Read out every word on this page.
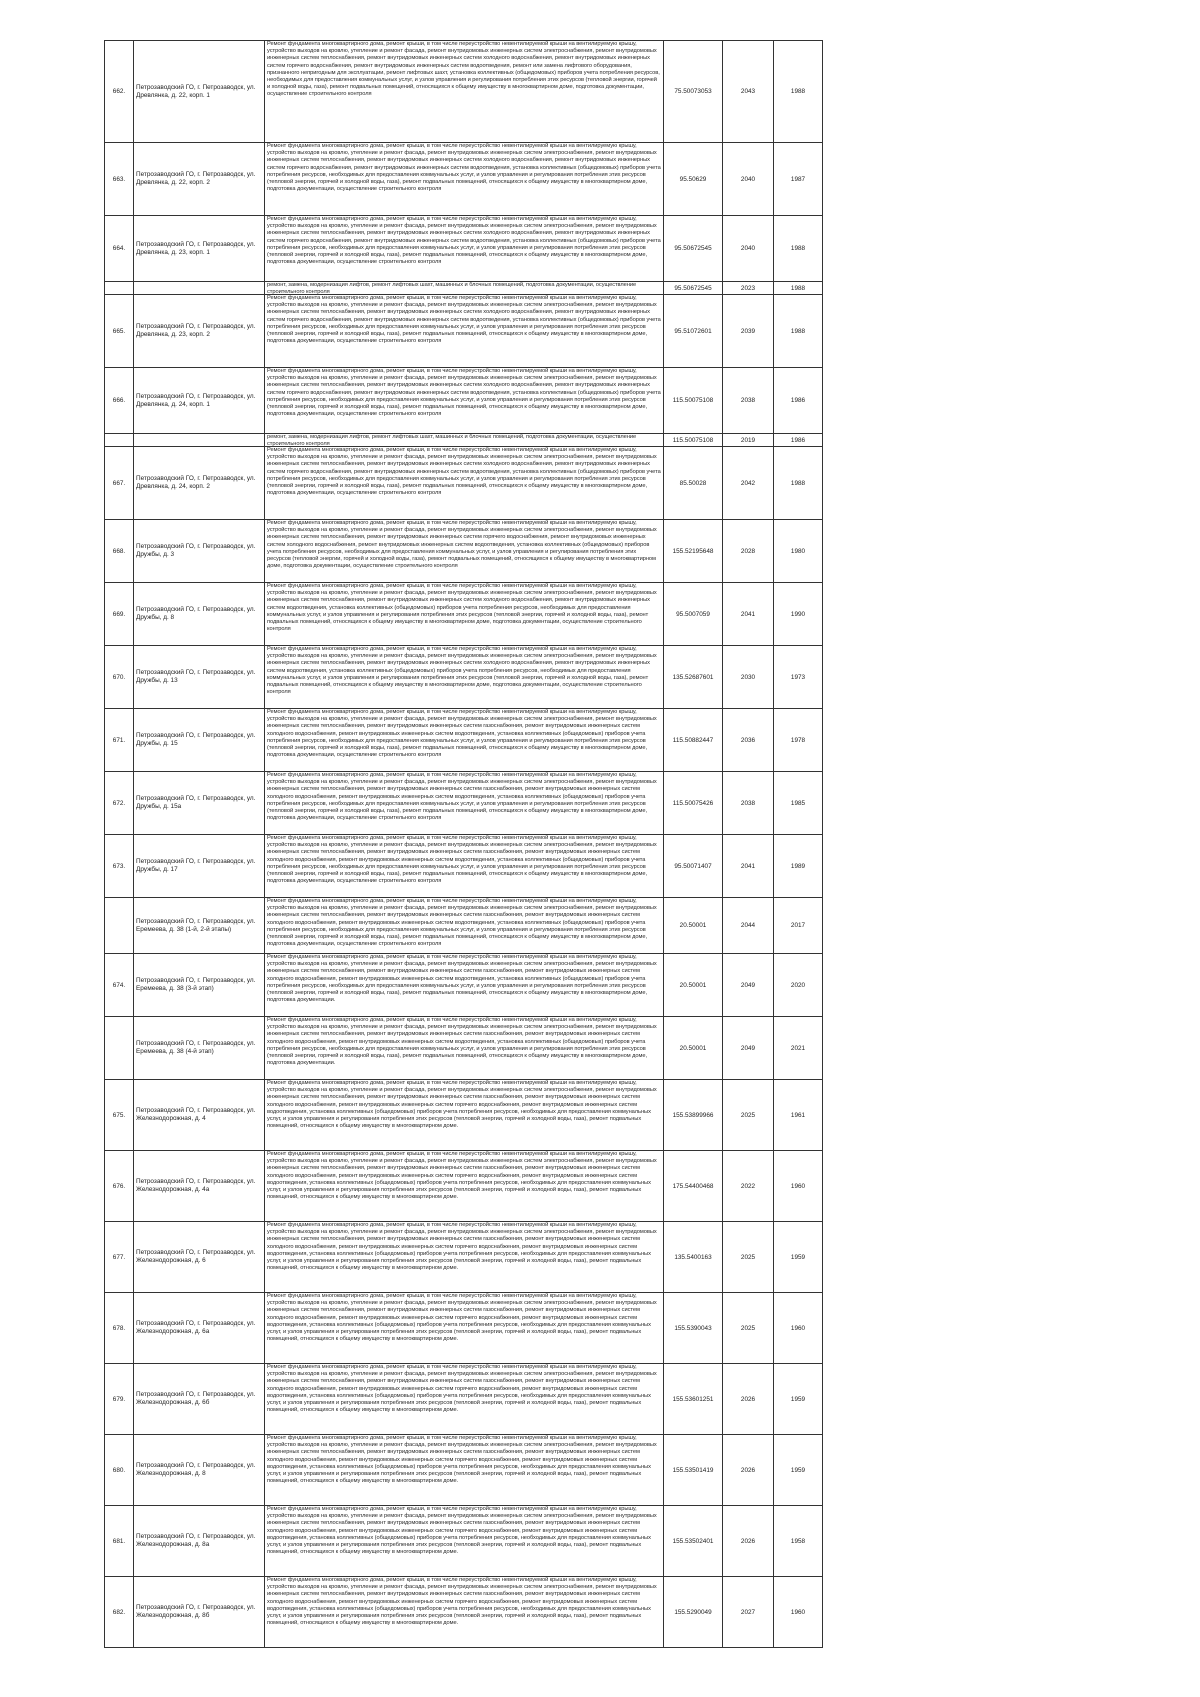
662.	Петрозаводский ГО, г. Петрозаводск, ул. Древлянка, д. 22, корп. 1	Ремонт фундамента многоквартирного дома, ремонт крыши, в том числе переустройство невентилируемой крыши на вентилируемую крышу, устройство выходов на кровлю, утепление и ремонт фасада, ремонт внутридомовых инженерных систем электроснабжения, ремонт внутридомовых инженерных систем теплоснабжения, ремонт внутридомовых инженерных систем холодного водоснабжения, ремонт внутридомовых инженерных систем горячего водоснабжения, ремонт внутридомовых инженерных систем водоотведения, ремонт или замена лифтового оборудования, признанного непригодным для эксплуатации, ремонт лифтовых шахт, установка коллективных (общедомовых) приборов учета потребления ресурсов, необходимых для предоставления коммунальных услуг, и узлов управления и регулирования потребления этих ресурсов (тепловой энергии, горячей и холодной воды, газа), ремонт подвальных помещений, относящихся к общему имуществу в многоквартирном доме, подготовка документации, осуществление строительного контроля	75.50073053	2043	1988
663.	Петрозаводский ГО, г. Петрозаводск, ул. Древлянка, д. 22, корп. 2	Ремонт фундамента многоквартирного дома, ремонт крыши, в том числе переустройство невентилируемой крыши на вентилируемую крышу, устройство выходов на кровлю, утепление и ремонт фасада, ремонт внутридомовых инженерных систем электроснабжения, ремонт внутридомовых инженерных систем теплоснабжения, ремонт внутридомовых инженерных систем холодного водоснабжения, ремонт внутридомовых инженерных систем горячего водоснабжения, ремонт внутридомовых инженерных систем водоотведения, установка коллективных (общедомовых) приборов учета потребления ресурсов, необходимых для предоставления коммунальных услуг, и узлов управления и регулирования потребления этих ресурсов (тепловой энергии, горячей и холодной воды, газа), ремонт подвальных помещений, относящихся к общему имуществу в многоквартирном доме, подготовка документации, осуществление строительного контроля	95.50629	2040	1987
664.	Петрозаводский ГО, г. Петрозаводск, ул. Древлянка, д. 23, корп. 1	Ремонт фундамента многоквартирного дома, ремонт крыши, в том числе переустройство невентилируемой крыши на вентилируемую крышу, устройство выходов на кровлю, утепление и ремонт фасада, ремонт внутридомовых инженерных систем электроснабжения, ремонт внутридомовых инженерных систем теплоснабжения, ремонт внутридомовых инженерных систем холодного водоснабжения, ремонт внутридомовых инженерных систем горячего водоснабжения, ремонт внутридомовых инженерных систем водоотведения, установка коллективных (общедомовых) приборов учета потребления ресурсов, необходимых для предоставления коммунальных услуг, и узлов управления и регулирования потребления этих ресурсов (тепловой энергии, горячей и холодной воды, газа), ремонт подвальных помещений, относящихся к общему имуществу в многоквартирном доме, подготовка документации, осуществление строительного контроля	95.50672545	2040	1988

		ремонт, замена, модернизация лифтов, ремонт лифтовых шахт, машинных и блочных помещений, подготовка документации, осуществление строительного контроля	95.50672545	2023	1988
665.	Петрозаводский ГО, г. Петрозаводск, ул. Древлянка, д. 23, корп. 2	Ремонт фундамента многоквартирного дома, ремонт крыши, в том числе переустройство невентилируемой крыши на вентилируемую крышу, устройство выходов на кровлю, утепление и ремонт фасада, ремонт внутридомовых инженерных систем электроснабжения, ремонт внутридомовых инженерных систем теплоснабжения, ремонт внутридомовых инженерных систем холодного водоснабжения, ремонт внутридомовых инженерных систем горячего водоснабжения, ремонт внутридомовых инженерных систем водоотведения, установка коллективных (общедомовых) приборов учета потребления ресурсов, необходимых для предоставления коммунальных услуг, и узлов управления и регулирования потребления этих ресурсов (тепловой энергии, горячей и холодной воды, газа), ремонт подвальных помещений, относящихся к общему имуществу в многоквартирном доме, подготовка документации, осуществление строительного контроля	95.51072601	2039	1988
666.	Петрозаводский ГО, г. Петрозаводск, ул. Древлянка, д. 24, корп. 1	Ремонт фундамента многоквартирного дома, ремонт крыши, в том числе переустройство невентилируемой крыши на вентилируемую крышу, устройство выходов на кровлю, утепление и ремонт фасада, ремонт внутридомовых инженерных систем электроснабжения, ремонт внутридомовых инженерных систем теплоснабжения, ремонт внутридомовых инженерных систем холодного водоснабжения, ремонт внутридомовых инженерных систем горячего водоснабжения, ремонт внутридомовых инженерных систем водоотведения, установка коллективных (общедомовых) приборов учета потребления ресурсов, необходимых для предоставления коммунальных услуг, и узлов управления и регулирования потребления этих ресурсов (тепловой энергии, горячей и холодной воды, газа), ремонт подвальных помещений, относящихся к общему имуществу в многоквартирном доме, подготовка документации, осуществление строительного контроля	115.50075108	2038	1986

		ремонт, замена, модернизация лифтов, ремонт лифтовых шахт, машинных и блочных помещений, подготовка документации, осуществление строительного контроля	115.50075108	2019	1986
667.	Петрозаводский ГО, г. Петрозаводск, ул. Древлянка, д. 24, корп. 2	Ремонт фундамента многоквартирного дома, ремонт крыши, в том числе переустройство невентилируемой крыши на вентилируемую крышу, устройство выходов на кровлю, утепление и ремонт фасада, ремонт внутридомовых инженерных систем электроснабжения, ремонт внутридомовых инженерных систем теплоснабжения, ремонт внутридомовых инженерных систем холодного водоснабжения, ремонт внутридомовых инженерных систем горячего водоснабжения, ремонт внутридомовых инженерных систем водоотведения, установка коллективных (общедомовых) приборов учета потребления ресурсов, необходимых для предоставления коммунальных услуг, и узлов управления и регулирования потребления этих ресурсов (тепловой энергии, горячей и холодной воды, газа), ремонт подвальных помещений, относящихся к общему имуществу в многоквартирном доме, подготовка документации, осуществление строительного контроля	85.50028	2042	1988
668.	Петрозаводский ГО, г. Петрозаводск, ул. Дружбы, д. 3	Ремонт фундамента многоквартирного дома, ремонт крыши, в том числе переустройство невентилируемой крыши на вентилируемую крышу, устройство выходов на кровлю, утепление и ремонт фасада, ремонт внутридомовых инженерных систем электроснабжения, ремонт внутридомовых инженерных систем теплоснабжения, ремонт внутридомовых инженерных систем горячего водоснабжения, ремонт внутридомовых инженерных систем холодного водоснабжения, ремонт внутридомовых инженерных систем водоотведения, установка коллективных (общедомовых) приборов учета потребления ресурсов, необходимых для предоставления коммунальных услуг, и узлов управления и регулирования потребления этих ресурсов (тепловой энергии, горячей и холодной воды, газа), ремонт подвальных помещений, относящихся к общему имуществу в многоквартирном доме, подготовка документации, осуществление строительного контроля	155.52195648	2028	1980
669.	Петрозаводский ГО, г. Петрозаводск, ул. Дружбы, д. 8	Ремонт фундамента многоквартирного дома, ремонт крыши, в том числе переустройство невентилируемой крыши на вентилируемую крышу, устройство выходов на кровлю, утепление и ремонт фасада, ремонт внутридомовых инженерных систем электроснабжения, ремонт внутридомовых инженерных систем теплоснабжения, ремонт внутридомовых инженерных систем холодного водоснабжения, ремонт внутридомовых инженерных систем водоотведения, установка коллективных (общедомовых) приборов учета потребления ресурсов, необходимых для предоставления коммунальных услуг, и узлов управления и регулирования потребления этих ресурсов (тепловой энергии, горячей и холодной воды, газа), ремонт подвальных помещений, относящихся к общему имуществу в многоквартирном доме, подготовка документации, осуществление строительного контроля	95.5007059	2041	1990
670.	Петрозаводский ГО, г. Петрозаводск, ул. Дружбы, д. 13	Ремонт фундамента многоквартирного дома, ремонт крыши, в том числе переустройство невентилируемой крыши на вентилируемую крышу, устройство выходов на кровлю, утепление и ремонт фасада, ремонт внутридомовых инженерных систем электроснабжения, ремонт внутридомовых инженерных систем теплоснабжения, ремонт внутридомовых инженерных систем холодного водоснабжения, ремонт внутридомовых инженерных систем водоотведения, установка коллективных (общедомовых) приборов учета потребления ресурсов, необходимых для предоставления коммунальных услуг, и узлов управления и регулирования потребления этих ресурсов (тепловой энергии, горячей и холодной воды, газа), ремонт подвальных помещений, относящихся к общему имуществу в многоквартирном доме, подготовка документации, осуществление строительного контроля	135.52687601	2030	1973
671.	Петрозаводский ГО, г. Петрозаводск, ул. Дружбы, д. 15	Ремонт фундамента многоквартирного дома, ремонт крыши, в том числе переустройство невентилируемой крыши на вентилируемую крышу, устройство выходов на кровлю, утепление и ремонт фасада, ремонт внутридомовых инженерных систем электроснабжения, ремонт внутридомовых инженерных систем теплоснабжения, ремонт внутридомовых инженерных систем газоснабжения, ремонт внутридомовых инженерных систем холодного водоснабжения, ремонт внутридомовых инженерных систем водоотведения, установка коллективных (общедомовых) приборов учета потребления ресурсов, необходимых для предоставления коммунальных услуг, и узлов управления и регулирования потребления этих ресурсов (тепловой энергии, горячей и холодной воды, газа), ремонт подвальных помещений, относящихся к общему имуществу в многоквартирном доме, подготовка документации, осуществление строительного контроля	115.50882447	2036	1978
672.	Петрозаводский ГО, г. Петрозаводск, ул. Дружбы, д. 15а	Ремонт фундамента многоквартирного дома, ремонт крыши, в том числе переустройство невентилируемой крыши на вентилируемую крышу, устройство выходов на кровлю, утепление и ремонт фасада, ремонт внутридомовых инженерных систем электроснабжения, ремонт внутридомовых инженерных систем теплоснабжения, ремонт внутридомовых инженерных систем газоснабжения, ремонт внутридомовых инженерных систем холодного водоснабжения, ремонт внутридомовых инженерных систем водоотведения, установка коллективных (общедомовых) приборов учета потребления ресурсов, необходимых для предоставления коммунальных услуг, и узлов управления и регулирования потребления этих ресурсов (тепловой энергии, горячей и холодной воды, газа), ремонт подвальных помещений, относящихся к общему имуществу в многоквартирном доме, подготовка документации, осуществление строительного контроля	115.50075426	2038	1985
673.	Петрозаводский ГО, г. Петрозаводск, ул. Дружбы, д. 17	Ремонт фундамента многоквартирного дома, ремонт крыши, в том числе переустройство невентилируемой крыши на вентилируемую крышу, устройство выходов на кровлю, утепление и ремонт фасада, ремонт внутридомовых инженерных систем электроснабжения, ремонт внутридомовых инженерных систем теплоснабжения, ремонт внутридомовых инженерных систем газоснабжения, ремонт внутридомовых инженерных систем холодного водоснабжения, ремонт внутридомовых инженерных систем водоотведения, установка коллективных (общедомовых) приборов учета потребления ресурсов, необходимых для предоставления коммунальных услуг, и узлов управления и регулирования потребления этих ресурсов (тепловой энергии, горячей и холодной воды, газа), ремонт подвальных помещений, относящихся к общему имуществу в многоквартирном доме, подготовка документации, осуществление строительного контроля	95.50071407	2041	1989

Петрозаводский ГО, г. Петрозаводск, ул. Еремеева, д. 38 (1-й, 2-й этапы)	Ремонт фундамента многоквартирного дома, ремонт крыши, в том числе переустройство невентилируемой крыши на вентилируемую крышу, устройство выходов на кровлю, утепление и ремонт фасада, ремонт внутридомовых инженерных систем электроснабжения, ремонт внутридомовых инженерных систем теплоснабжения, ремонт внутридомовых инженерных систем газоснабжения, ремонт внутридомовых инженерных систем холодного водоснабжения, ремонт внутридомовых инженерных систем водоотведения, установка коллективных (общедомовых) приборов учета потребления ресурсов, необходимых для предоставления коммунальных услуг, и узлов управления и регулирования потребления этих ресурсов (тепловой энергии, горячей и холодной воды, газа), ремонт подвальных помещений, относящихся к общему имуществу в многоквартирном доме, подготовка документации, осуществление строительного контроля	20.50001	2044	2017
674.	Петрозаводский ГО, г. Петрозаводск, ул. Еремеева, д. 38 (3-й этап)	Ремонт фундамента многоквартирного дома, ремонт крыши, в том числе переустройство невентилируемой крыши на вентилируемую крышу, устройство выходов на кровлю, утепление и ремонт фасада, ремонт внутридомовых инженерных систем электроснабжения, ремонт внутридомовых инженерных систем теплоснабжения, ремонт внутридомовых инженерных систем газоснабжения, ремонт внутридомовых инженерных систем холодного водоснабжения, ремонт внутридомовых инженерных систем водоотведения, установка коллективных (общедомовых) приборов учета потребления ресурсов, необходимых для предоставления коммунальных услуг, и узлов управления и регулирования потребления этих ресурсов (тепловой энергии, горячей и холодной воды, газа), ремонт подвальных помещений, относящихся к общему имуществу в многоквартирном доме, подготовка документации.	20.50001	2049	2020

Петрозаводский ГО, г. Петрозаводск, ул. Еремеева, д. 38 (4-й этап)	Ремонт фундамента многоквартирного дома, ремонт крыши, в том числе переустройство невентилируемой крыши на вентилируемую крышу, устройство выходов на кровлю, утепление и ремонт фасада, ремонт внутридомовых инженерных систем электроснабжения, ремонт внутридомовых инженерных систем теплоснабжения, ремонт внутридомовых инженерных систем газоснабжения, ремонт внутридомовых инженерных систем холодного водоснабжения, ремонт внутридомовых инженерных систем водоотведения, установка коллективных (общедомовых) приборов учета потребления ресурсов, необходимых для предоставления коммунальных услуг, и узлов управления и регулирования потребления этих ресурсов (тепловой энергии, горячей и холодной воды, газа), ремонт подвальных помещений, относящихся к общему имуществу в многоквартирном доме, подготовка документации.	20.50001	2049	2021
675.	Петрозаводский ГО, г. Петрозаводск, ул. Железнодорожная, д. 4	Ремонт фундамента многоквартирного дома, ремонт крыши, в том числе переустройство невентилируемой крыши на вентилируемую крышу, устройство выходов на кровлю, утепление и ремонт фасада, ремонт внутридомовых инженерных систем электроснабжения, ремонт внутридомовых инженерных систем теплоснабжения, ремонт внутридомовых инженерных систем газоснабжения, ремонт внутридомовых инженерных систем холодного водоснабжения, ремонт внутридомовых инженерных систем горячего водоснабжения, ремонт внутридомовых инженерных систем водоотведения, установка коллективных (общедомовых) приборов учета потребления ресурсов, необходимых для предоставления коммунальных услуг, и узлов управления и регулирования потребления этих ресурсов (тепловой энергии, горячей и холодной воды, газа), ремонт подвальных помещений, относящихся к общему имуществу в многоквартирном доме.	155.53899966	2025	1961
676.	Петрозаводский ГО, г. Петрозаводск, ул. Железнодорожная, д. 4а	Ремонт фундамента многоквартирного дома, ремонт крыши, в том числе переустройство невентилируемой крыши на вентилируемую крышу, устройство выходов на кровлю, утепление и ремонт фасада, ремонт внутридомовых инженерных систем электроснабжения, ремонт внутридомовых инженерных систем теплоснабжения, ремонт внутридомовых инженерных систем газоснабжения, ремонт внутридомовых инженерных систем холодного водоснабжения, ремонт внутридомовых инженерных систем горячего водоснабжения, ремонт внутридомовых инженерных систем водоотведения, установка коллективных (общедомовых) приборов учета потребления ресурсов, необходимых для предоставления коммунальных услуг, и узлов управления и регулирования потребления этих ресурсов (тепловой энергии, горячей и холодной воды, газа), ремонт подвальных помещений, относящихся к общему имуществу в многоквартирном доме.	175.54400468	2022	1960
677.	Петрозаводский ГО, г. Петрозаводск, ул. Железнодорожная, д. 6	Ремонт фундамента многоквартирного дома, ремонт крыши, в том числе переустройство невентилируемой крыши на вентилируемую крышу, устройство выходов на кровлю, утепление и ремонт фасада, ремонт внутридомовых инженерных систем электроснабжения, ремонт внутридомовых инженерных систем теплоснабжения, ремонт внутридомовых инженерных систем газоснабжения, ремонт внутридомовых инженерных систем холодного водоснабжения, ремонт внутридомовых инженерных систем горячего водоснабжения, ремонт внутридомовых инженерных систем водоотведения, установка коллективных (общедомовых) приборов учета потребления ресурсов, необходимых для предоставления коммунальных услуг, и узлов управления и регулирования потребления этих ресурсов (тепловой энергии, горячей и холодной воды, газа), ремонт подвальных помещений, относящихся к общему имуществу в многоквартирном доме.	135.5400163	2025	1959
678.	Петрозаводский ГО, г. Петрозаводск, ул. Железнодорожная, д. 6а	Ремонт фундамента многоквартирного дома, ремонт крыши, в том числе переустройство невентилируемой крыши на вентилируемую крышу, устройство выходов на кровлю, утепление и ремонт фасада, ремонт внутридомовых инженерных систем электроснабжения, ремонт внутридомовых инженерных систем теплоснабжения, ремонт внутридомовых инженерных систем газоснабжения, ремонт внутридомовых инженерных систем холодного водоснабжения, ремонт внутридомовых инженерных систем горячего водоснабжения, ремонт внутридомовых инженерных систем водоотведения, установка коллективных (общедомовых) приборов учета потребления ресурсов, необходимых для предоставления коммунальных услуг, и узлов управления и регулирования потребления этих ресурсов (тепловой энергии, горячей и холодной воды, газа), ремонт подвальных помещений, относящихся к общему имуществу в многоквартирном доме.	155.5390043	2025	1960
679.	Петрозаводский ГО, г. Петрозаводск, ул. Железнодорожная, д. 6б	Ремонт фундамента многоквартирного дома, ремонт крыши, в том числе переустройство невентилируемой крыши на вентилируемую крышу, устройство выходов на кровлю, утепление и ремонт фасада, ремонт внутридомовых инженерных систем электроснабжения, ремонт внутридомовых инженерных систем теплоснабжения, ремонт внутридомовых инженерных систем газоснабжения, ремонт внутридомовых инженерных систем холодного водоснабжения, ремонт внутридомовых инженерных систем горячего водоснабжения, ремонт внутридомовых инженерных систем водоотведения, установка коллективных (общедомовых) приборов учета потребления ресурсов, необходимых для предоставления коммунальных услуг, и узлов управления и регулирования потребления этих ресурсов (тепловой энергии, горячей и холодной воды, газа), ремонт подвальных помещений, относящихся к общему имуществу в многоквартирном доме.	155.53601251	2026	1959
680.	Петрозаводский ГО, г. Петрозаводск, ул. Железнодорожная, д. 8	Ремонт фундамента многоквартирного дома, ремонт крыши, в том числе переустройство невентилируемой крыши на вентилируемую крышу, устройство выходов на кровлю, утепление и ремонт фасада, ремонт внутридомовых инженерных систем электроснабжения, ремонт внутридомовых инженерных систем теплоснабжения, ремонт внутридомовых инженерных систем газоснабжения, ремонт внутридомовых инженерных систем холодного водоснабжения, ремонт внутридомовых инженерных систем горячего водоснабжения, ремонт внутридомовых инженерных систем водоотведения, установка коллективных (общедомовых) приборов учета потребления ресурсов, необходимых для предоставления коммунальных услуг, и узлов управления и регулирования потребления этих ресурсов (тепловой энергии, горячей и холодной воды, газа), ремонт подвальных помещений, относящихся к общему имуществу в многоквартирном доме.	155.53501419	2026	1959
681.	Петрозаводский ГО, г. Петрозаводск, ул. Железнодорожная, д. 8а	Ремонт фундамента многоквартирного дома, ремонт крыши, в том числе переустройство невентилируемой крыши на вентилируемую крышу, устройство выходов на кровлю, утепление и ремонт фасада, ремонт внутридомовых инженерных систем электроснабжения, ремонт внутридомовых инженерных систем теплоснабжения, ремонт внутридомовых инженерных систем газоснабжения, ремонт внутридомовых инженерных систем холодного водоснабжения, ремонт внутридомовых инженерных систем горячего водоснабжения, ремонт внутридомовых инженерных систем водоотведения, установка коллективных (общедомовых) приборов учета потребления ресурсов, необходимых для предоставления коммунальных услуг, и узлов управления и регулирования потребления этих ресурсов (тепловой энергии, горячей и холодной воды, газа), ремонт подвальных помещений, относящихся к общему имуществу в многоквартирном доме.	155.53502401	2026	1958
682.	Петрозаводский ГО, г. Петрозаводск, ул. Железнодорожная, д. 8б	Ремонт фундамента многоквартирного дома, ремонт крыши, в том числе переустройство невентилируемой крыши на вентилируемую крышу, устройство выходов на кровлю, утепление и ремонт фасада, ремонт внутридомовых инженерных систем электроснабжения, ремонт внутридомовых инженерных систем теплоснабжения, ремонт внутридомовых инженерных систем газоснабжения, ремонт внутридомовых инженерных систем холодного водоснабжения, ремонт внутридомовых инженерных систем горячего водоснабжения, ремонт внутридомовых инженерных систем водоотведения, установка коллективных (общедомовых) приборов учета потребления ресурсов, необходимых для предоставления коммунальных услуг, и узлов управления и регулирования потребления этих ресурсов (тепловой энергии, горячей и холодной воды, газа), ремонт подвальных помещений, относящихся к общему имуществу в многоквартирном доме.	155.5290049	2027	1960
